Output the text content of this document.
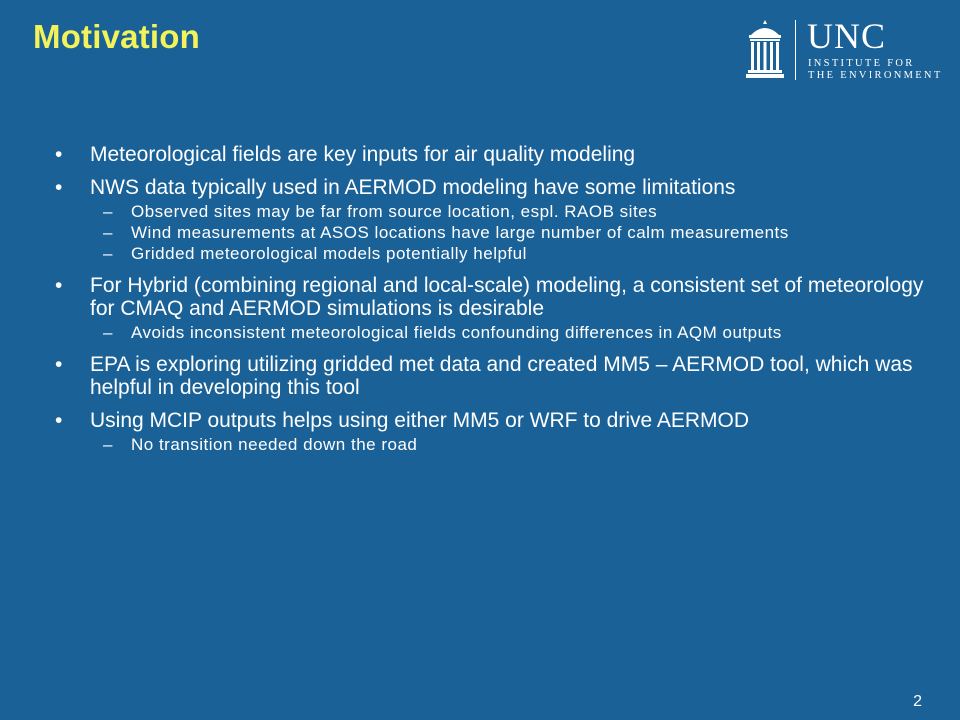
Motivation	UNC
INSTITUTE FOR
THE ENVIRONMENT
• Meteorological fields are key inputs for air quality modeling
• NWS data typically used in AERMOD modeling have some limitations
– Observed sites may be far from source location, espl. RAOB sites
– Wind measurements at ASOS locations have large number of calm measurements
– Gridded meteorological models potentially helpful
• For Hybrid (combining regional and local-scale) modeling, a consistent set of meteorology for CMAQ and AERMOD simulations is desirable
– Avoids inconsistent meteorological fields confounding differences in AQM outputs
• EPA is exploring utilizing gridded met data and created MM5 – AERMOD tool, which was helpful in developing this tool
• Using MCIP outputs helps using either MM5 or WRF to drive AERMOD
– No transition needed down the road
2
